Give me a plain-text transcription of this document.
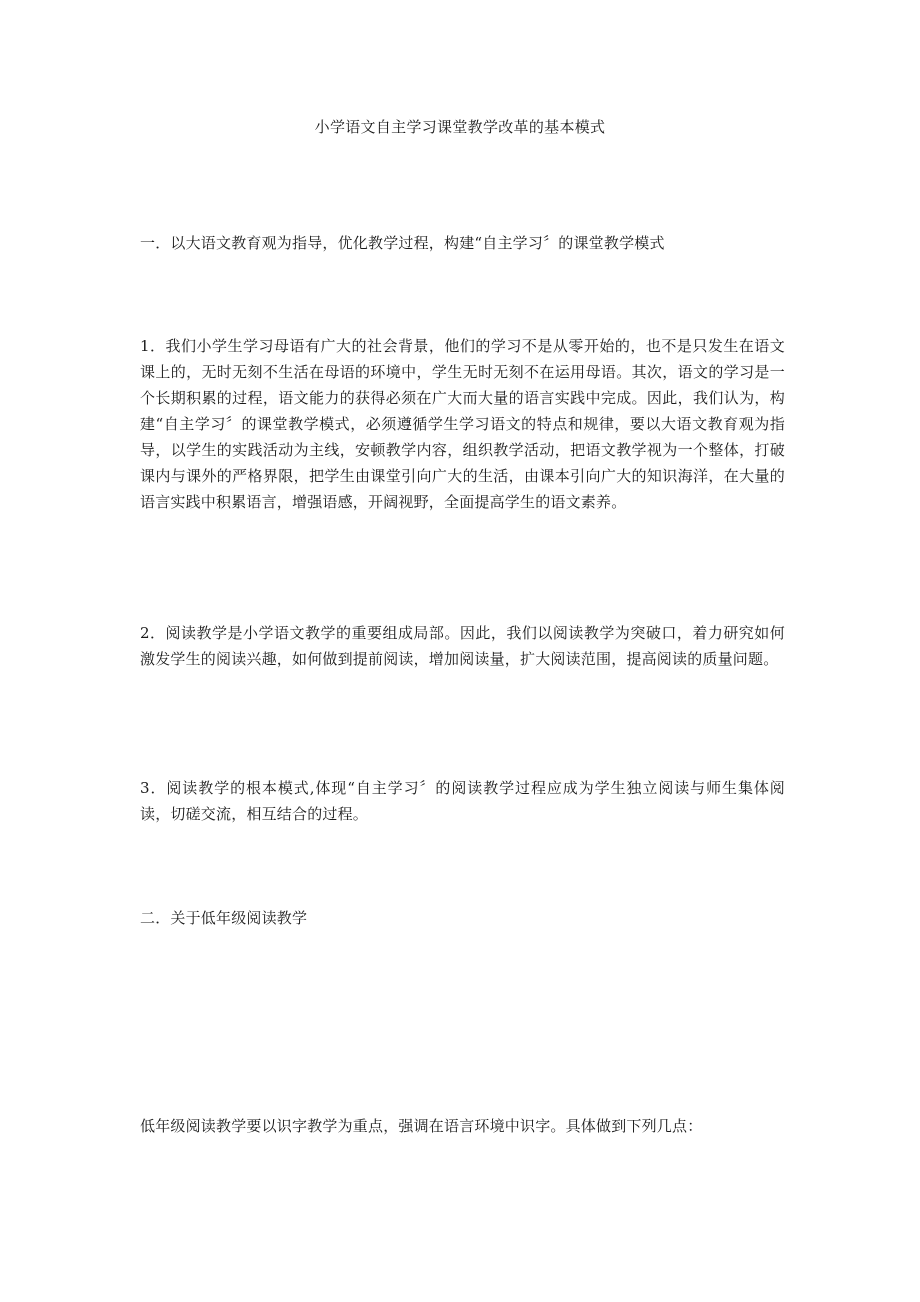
小学语文自主学习课堂教学改革的基本模式
一．以大语文教育观为指导，优化教学过程，构建“自主学习〞的课堂教学模式
1．我们小学生学习母语有广大的社会背景，他们的学习不是从零开始的，也不是只发生在语文课上的，无时无刻不生活在母语的环境中，学生无时无刻不在运用母语。其次，语文的学习是一个长期积累的过程，语文能力的获得必须在广大而大量的语言实践中完成。因此，我们认为，构建“自主学习〞的课堂教学模式，必须遵循学生学习语文的特点和规律，要以大语文教育观为指导，以学生的实践活动为主线，安顿教学内容，组织教学活动，把语文教学视为一个整体，打破课内与课外的严格界限，把学生由课堂引向广大的生活，由课本引向广大的知识海洋，在大量的语言实践中积累语言，增强语感，开阔视野，全面提高学生的语文素养。
2．阅读教学是小学语文教学的重要组成局部。因此，我们以阅读教学为突破口，着力研究如何激发学生的阅读兴趣，如何做到提前阅读，增加阅读量，扩大阅读范围，提高阅读的质量问题。
3．阅读教学的根本模式,体现“自主学习〞的阅读教学过程应成为学生独立阅读与师生集体阅读，切磋交流，相互结合的过程。
二．关于低年级阅读教学
低年级阅读教学要以识字教学为重点，强调在语言环境中识字。具体做到下列几点：
